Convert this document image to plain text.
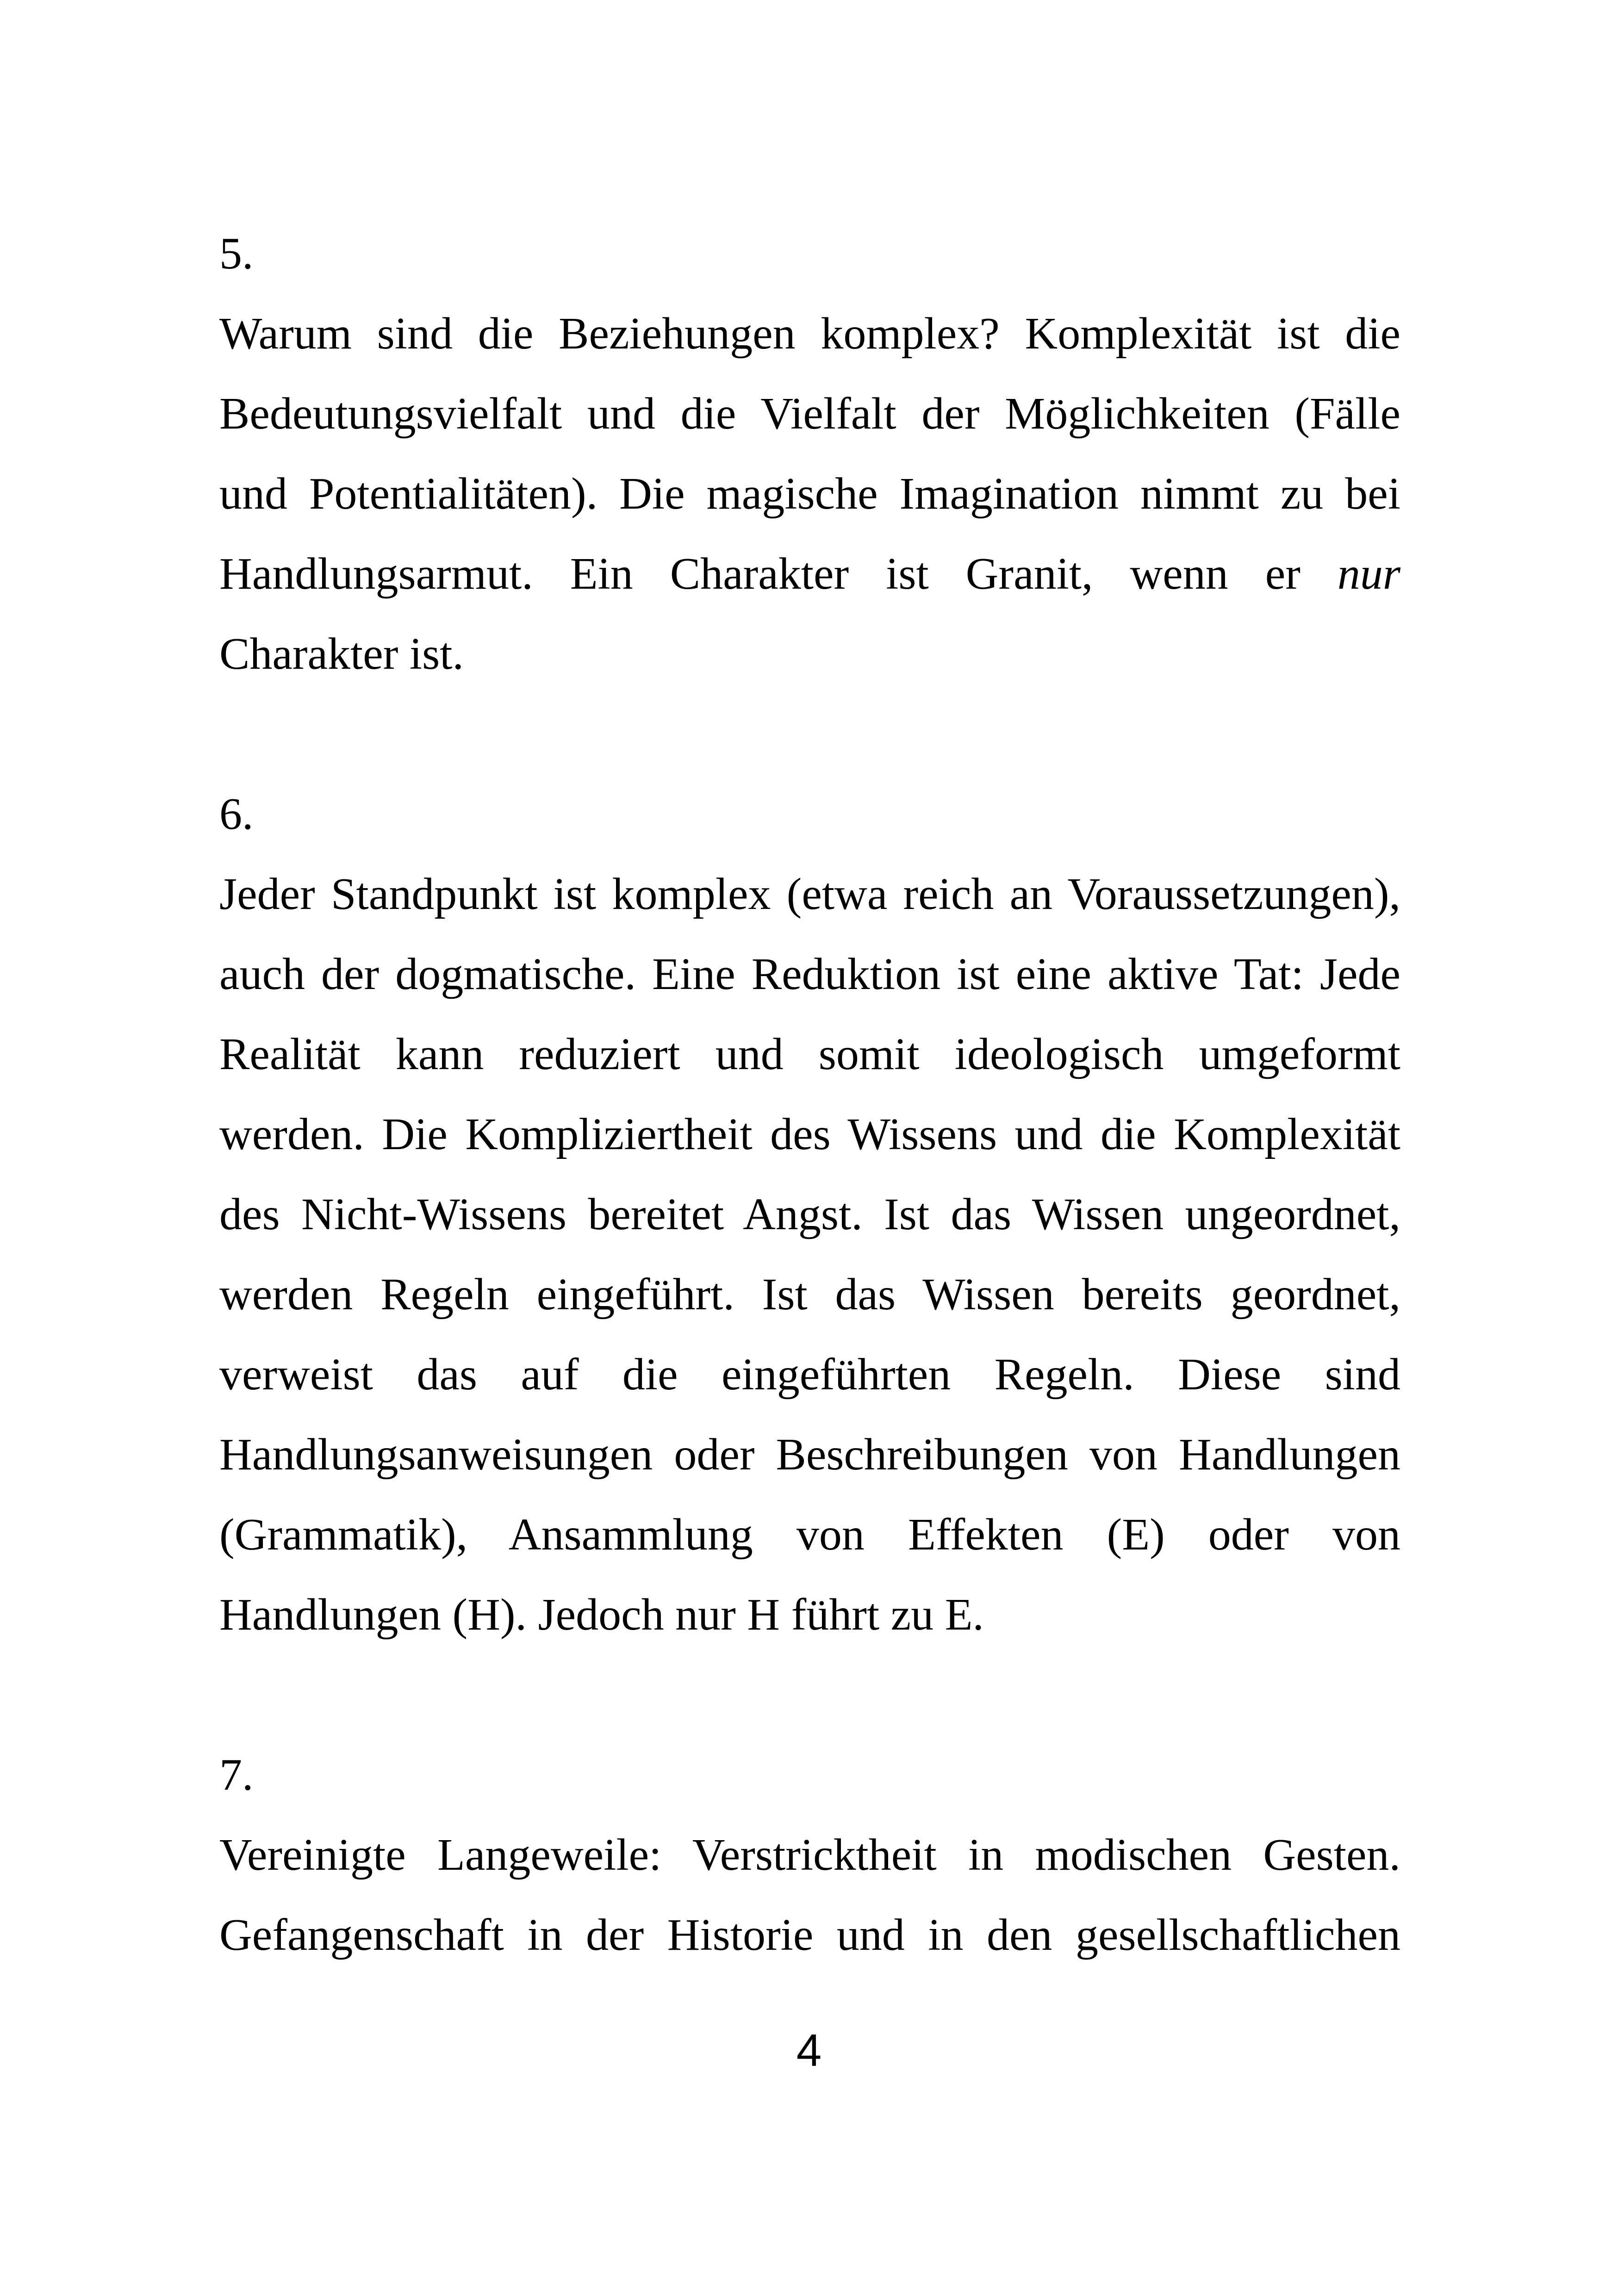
5.

Warum sind die Beziehungen komplex? Komplexität ist die
Bedeutungsvielfalt und die Vielfalt der Möglichkeiten (Fälle
und Potentialitäten). Die magische Imagination nimmt zu bei
Handlungsarmut. Ein Charakter ist Granit, wenn er nur
Charakter ist.

6.

Jeder Standpunkt ist komplex (etwa reich an Voraussetzungen),
auch der dogmatische. Eine Reduktion ist eine aktive Tat: Jede
Realität kann reduziert und somit ideologisch umgeformt
werden. Die Kompliziertheit des Wissens und die Komplexität
des Nicht-Wissens bereitet Angst. Ist das Wissen ungeordnet,
werden Regeln eingeführt. Ist das Wissen bereits geordnet,
verweist das auf die eingeführten Regeln. Diese sind
Handlungsanweisungen oder Beschreibungen von Handlungen
(Grammatik), Ansammlung von Effekten (E) oder von
Handlungen (H). Jedoch nur H führt zu E.

7.

Vereinigte Langeweile: Verstricktheit in modischen Gesten.
Gefangenschaft in der Historie und in den gesellschaftlichen
4
